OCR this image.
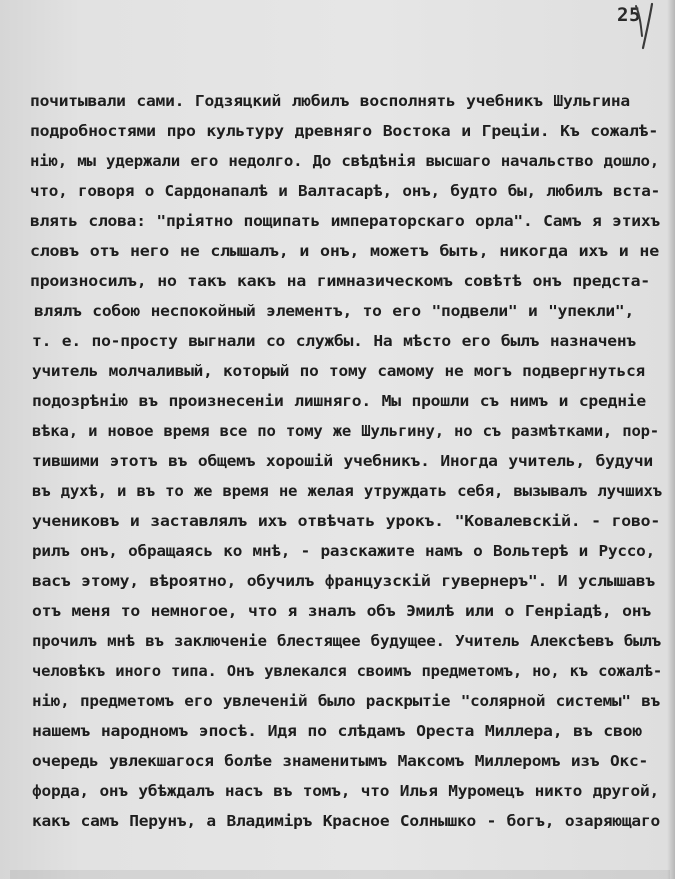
25
почитывали сами. Годзяцкий любилъ восполнять учебникъ Шульгина
подробностями про культуру древняго Востока и Греціи. Къ сожалѣ-
нію, мы удержали его недолго. До свѣдѣнія высшаго начальство дошло,
что, говоря о Сардонапалѣ и Валтасарѣ, онъ, будто бы, любилъ вста-
влять слова: "пріятно пощипать императорскаго орла". Самъ я этихъ
словъ отъ него не слышалъ, и онъ, можетъ быть, никогда ихъ и не
произносилъ, но такъ какъ на гимназическомъ совѣтѣ онъ предста-
влялъ собою неспокойный элементъ, то его "подвели" и "упекли",
т. е. по-просту выгнали со службы. На мѣсто его былъ назначенъ
учитель молчаливый, который по тому самому не могъ подвергнуться
подозрѣнію въ произнесеніи лишняго. Мы прошли съ нимъ и средніе
вѣка, и новое время все по тому же Шульгину, но съ размѣтками, пор-
тившими этотъ въ общемъ хорошій учебникъ. Иногда учитель, будучи
въ духѣ, и въ то же время не желая утруждать себя, вызывалъ лучшихъ
учениковъ и заставлялъ ихъ отвѣчать урокъ. "Ковалевскій. - гово-
рилъ онъ, обращаясь ко мнѣ, - разскажите намъ о Вольтерѣ и Руссо,
васъ этому, вѣроятно, обучилъ французскій гувернеръ". И услышавъ
отъ меня то немногое, что я зналъ объ Эмилѣ или о Генріадѣ, онъ
прочилъ мнѣ въ заключеніе блестящее будущее. Учитель Алексѣевъ былъ
человѣкъ иного типа. Онъ увлекался своимъ предметомъ, но, къ сожалѣ-
нію, предметомъ его увлеченій было раскрытіе "солярной системы" въ
нашемъ народномъ эпосѣ. Идя по слѣдамъ Ореста Миллера, въ свою
очередь увлекшагося болѣе знаменитымъ Максомъ Миллеромъ изъ Окс-
форда, онъ убѣждалъ насъ въ томъ, что Илья Муромецъ никто другой,
какъ самъ Перунъ, а Владиміръ Красное Солнышко - богъ, озаряющаго
